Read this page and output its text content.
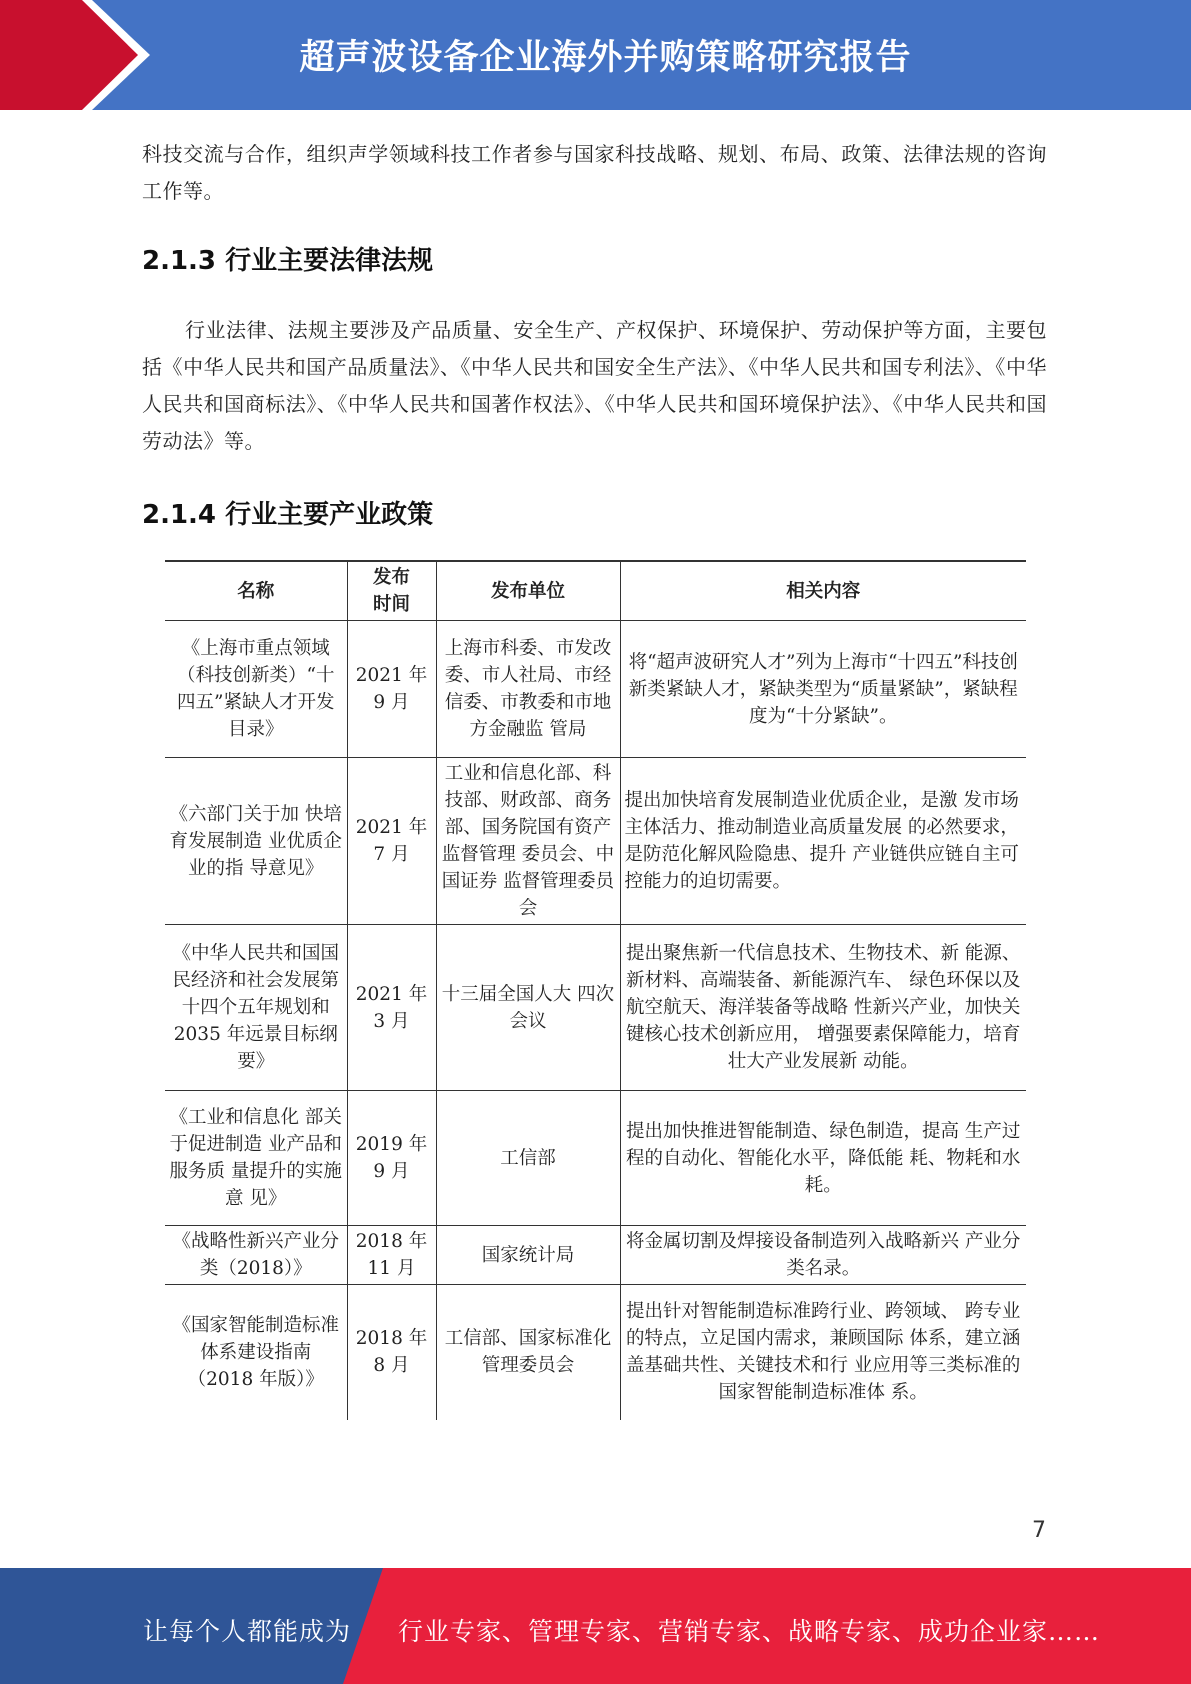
超声波设备企业海外并购策略研究报告

科技交流与合作，组织声学领域科技工作者参与国家科技战略、规划、布局、政策、法律法规的咨询工作等。

2.1.3 行业主要法律法规

行业法律、法规主要涉及产品质量、安全生产、产权保护、环境保护、劳动保护等方面，主要包括《中华人民共和国产品质量法》、《中华人民共和国安全生产法》、《中华人民共和国专利法》、《中华人民共和国商标法》、《中华人民共和国著作权法》、《中华人民共和国环境保护法》、《中华人民共和国劳动法》等。

2.1.4 行业主要产业政策
名称	发布时间	发布单位	相关内容
《上海市重点领域（科技创新类）“十四五”紧缺人才开发目录》	2021 年 9 月	上海市科委、市发改委、市人社局、市经信委、市教委和市地方金融监 管局	将“超声波研究人才”列为上海市“十四五”科技创新类紧缺人才，紧缺类型为“质量紧缺”，紧缺程度为“十分紧缺”。
《六部门关于加 快培育发展制造 业优质企业的指 导意见》	2021 年 7 月	工业和信息化部、科技部、财政部、商务部、国务院国有资产监督管理 委员会、中国证券 监督管理委员会	提出加快培育发展制造业优质企业，是激 发市场主体活力、推动制造业高质量发展 的必然要求，是防范化解风险隐患、提升 产业链供应链自主可控能力的迫切需要。
《中华人民共和国国民经济和社会发展第十四个五年规划和 2035 年远景目标纲 要》	2021 年 3 月	十三届全国人大 四次会议	提出聚焦新一代信息技术、生物技术、新 能源、新材料、高端装备、新能源汽车、 绿色环保以及航空航天、海洋装备等战略 性新兴产业，加快关键核心技术创新应用， 增强要素保障能力，培育壮大产业发展新 动能。
《工业和信息化 部关于促进制造 业产品和服务质 量提升的实施意 见》	2019 年 9 月	工信部	提出加快推进智能制造、绿色制造，提高 生产过程的自动化、智能化水平，降低能 耗、物耗和水耗。
《战略性新兴产业分类（2018）》	2018 年 11 月	国家统计局	将金属切割及焊接设备制造列入战略新兴 产业分类名录。
《国家智能制造标准体系建设指南（2018 年版）》	2018 年 8 月	工信部、国家标准化管理委员会	提出针对智能制造标准跨行业、跨领域、 跨专业的特点，立足国内需求，兼顾国际 体系，建立涵盖基础共性、关键技术和行 业应用等三类标准的国家智能制造标准体 系。
7
让每个人都能成为 行业专家、管理专家、营销专家、战略专家、成功企业家……
